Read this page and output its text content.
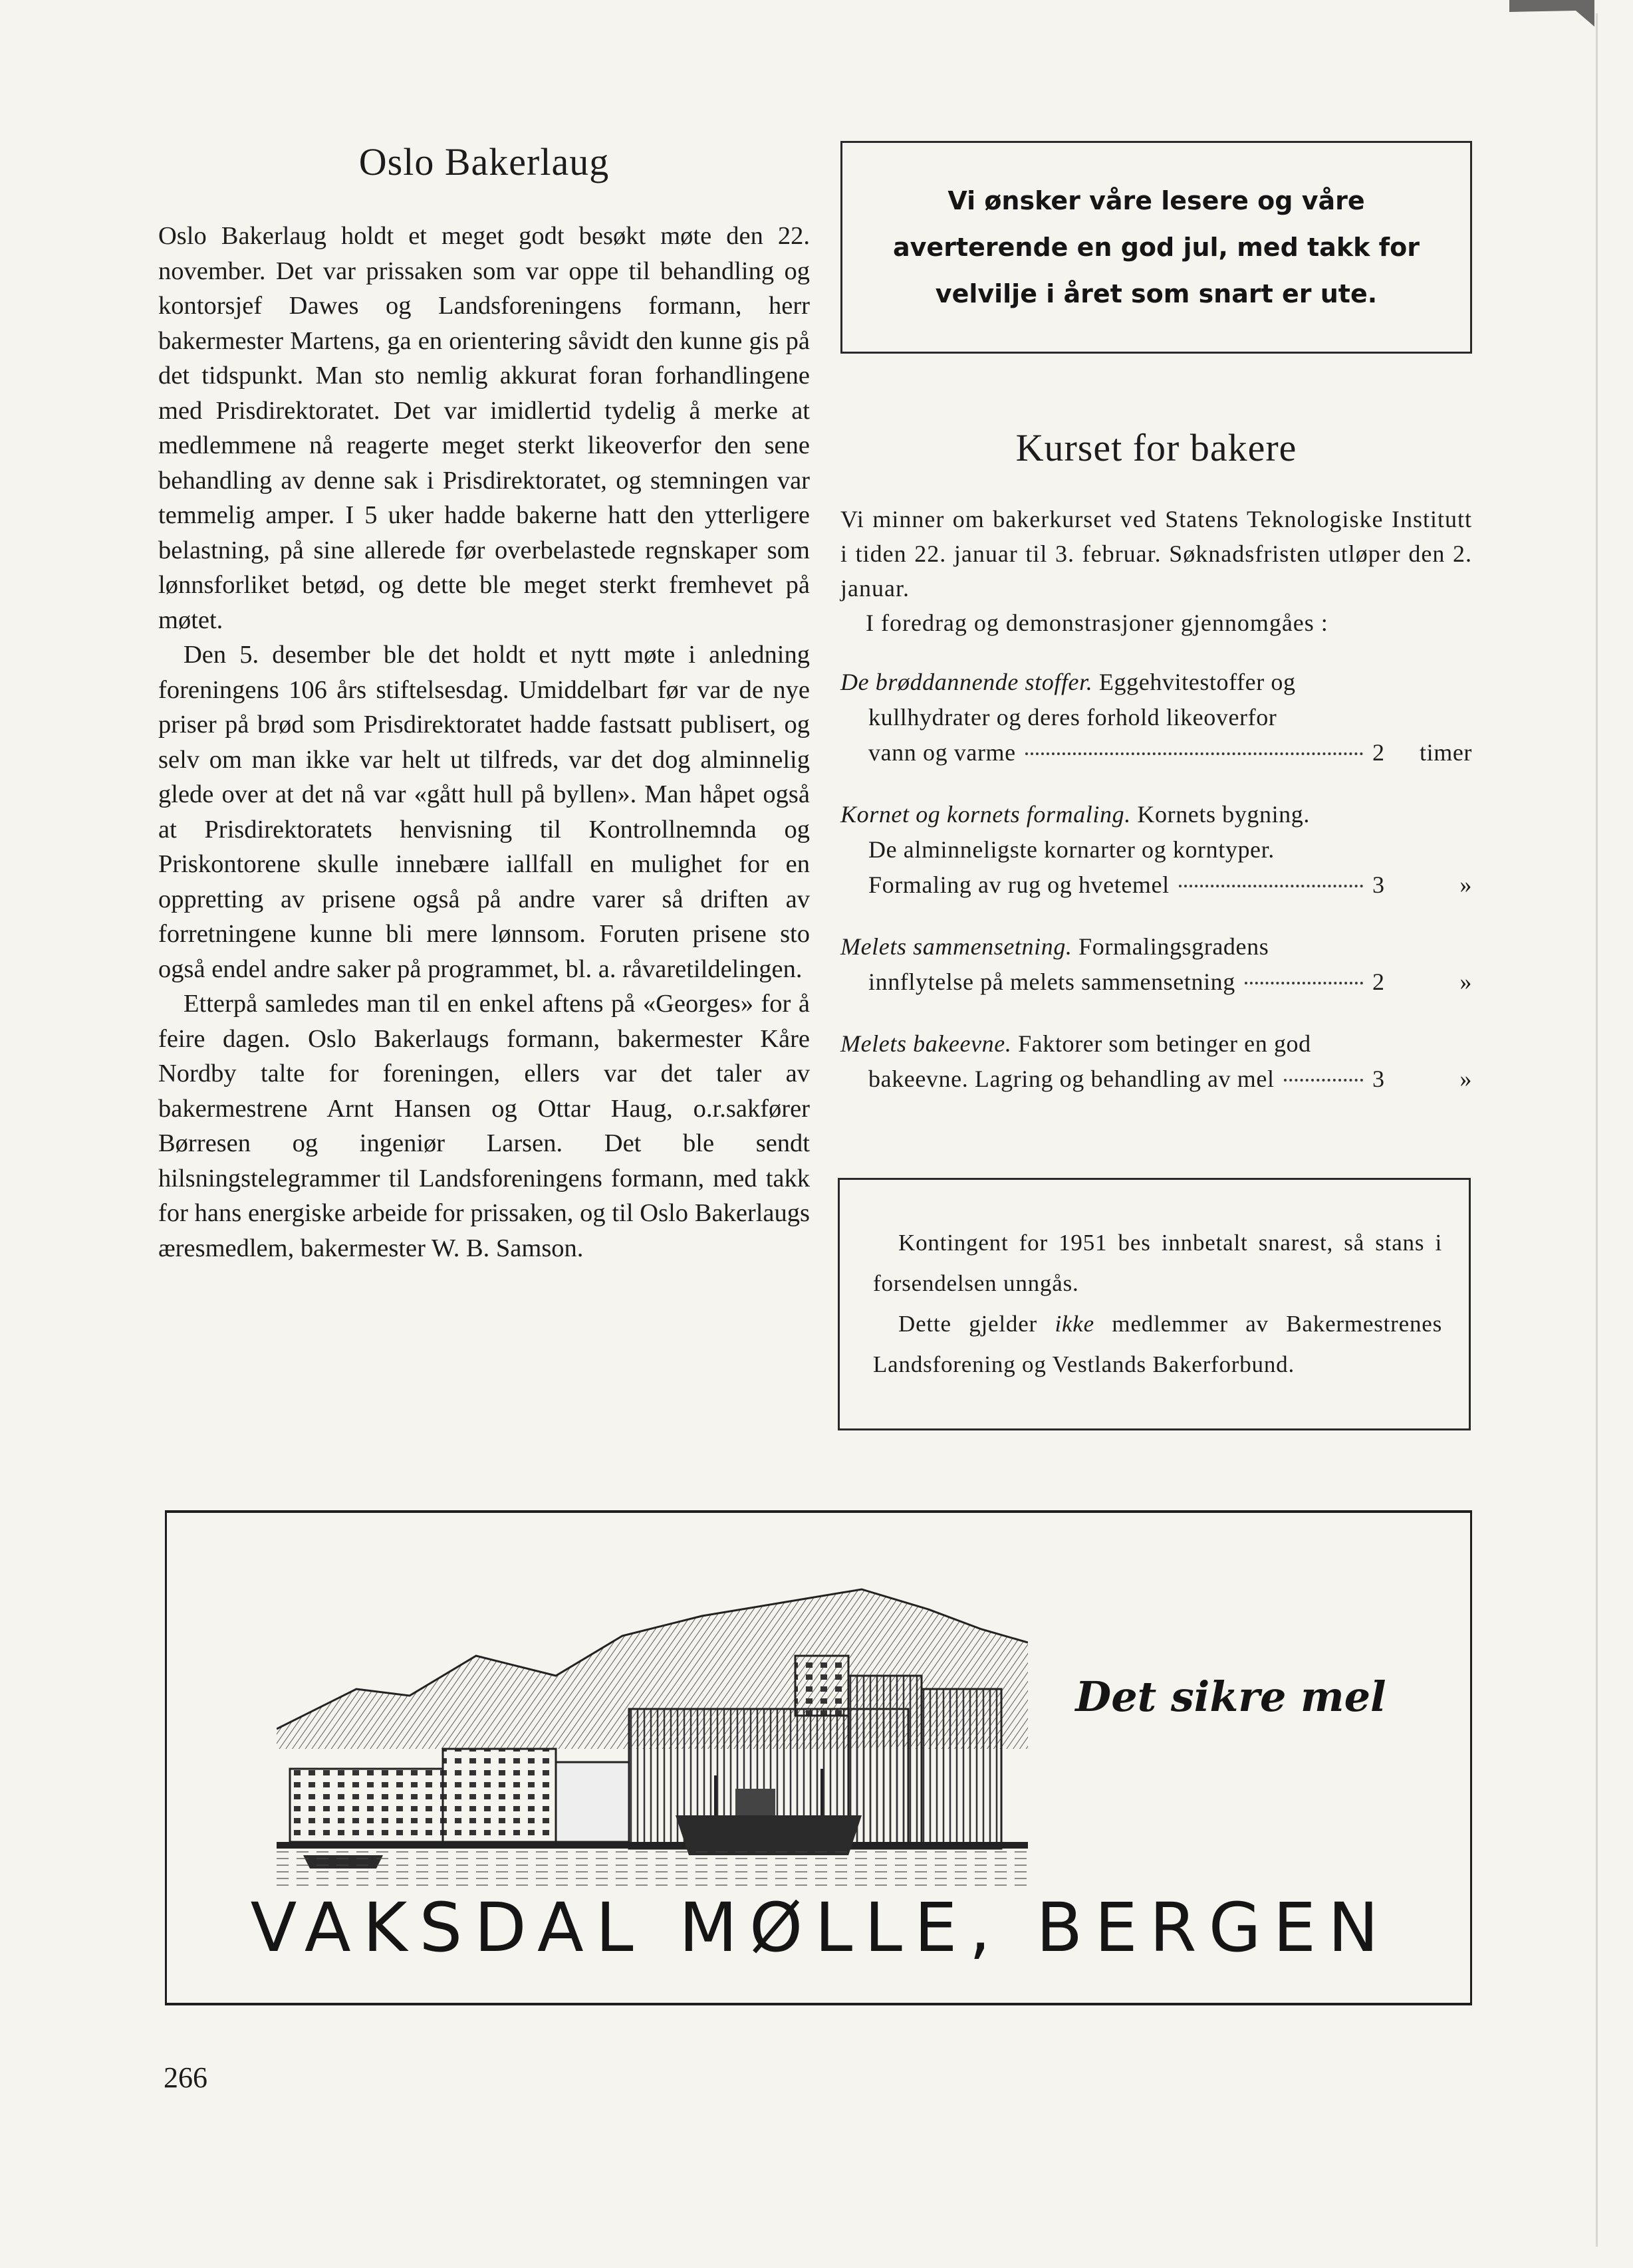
Oslo Bakerlaug

Oslo Bakerlaug holdt et meget godt besøkt møte den 22. november. Det var prissaken som var oppe til behandling og kontorsjef Dawes og Landsforeningens formann, herr bakermester Martens, ga en orientering såvidt den kunne gis på det tidspunkt. Man sto nemlig akkurat foran forhandlingene med Prisdirektoratet. Det var imidlertid tydelig å merke at medlemmene nå reagerte meget sterkt likeoverfor den sene behandling av denne sak i Prisdirektoratet, og stemningen var temmelig amper. I 5 uker hadde bakerne hatt den ytterligere belastning, på sine allerede før overbelastede regnskaper som lønnsforliket betød, og dette ble meget sterkt fremhevet på møtet.

Den 5. desember ble det holdt et nytt møte i anledning foreningens 106 års stiftelsesdag. Umiddelbart før var de nye priser på brød som Prisdirektoratet hadde fastsatt publisert, og selv om man ikke var helt ut tilfreds, var det dog alminnelig glede over at det nå var «gått hull på byllen». Man håpet også at Prisdirektoratets henvisning til Kontrollnemnda og Priskontorene skulle innebære iallfall en mulighet for en oppretting av prisene også på andre varer så driften av forretningene kunne bli mere lønnsom. Foruten prisene sto også endel andre saker på programmet, bl. a. råvaretildelingen.

Etterpå samledes man til en enkel aftens på «Georges» for å feire dagen. Oslo Bakerlaugs formann, bakermester Kåre Nordby talte for foreningen, ellers var det taler av bakermestrene Arnt Hansen og Ottar Haug, o.r.sakfører Børresen og ingeniør Larsen. Det ble sendt hilsningstelegrammer til Landsforeningens formann, med takk for hans energiske arbeide for prissaken, og til Oslo Bakerlaugs æresmedlem, bakermester W. B. Samson.

Vi ønsker våre lesere og våre averterende en god jul, med takk for velvilje i året som snart er ute.
Kurset for bakere

Vi minner om bakerkurset ved Statens Teknologiske Institutt i tiden 22. januar til 3. februar. Søknadsfristen utløper den 2. januar.

I foredrag og demonstrasjoner gjennomgåes :

De brøddannende stoffer. Eggehvitestoffer og
kullhydrater og deres forhold likeoverfor
vann og varme	2	timer
Kornet og kornets formaling. Kornets bygning.
De alminneligste kornarter og korntyper.
Formaling av rug og hvetemel	3	»
Melets sammensetning. Formalingsgradens
innflytelse på melets sammensetning	2	»
Melets bakeevne. Faktorer som betinger en god
bakeevne. Lagring og behandling av mel	3	»

Kontingent for 1951 bes innbetalt snarest, så stans i forsendelsen unngås.

Dette gjelder ikke medlemmer av Bakermestrenes Landsforening og Vestlands Bakerforbund.

Det sikre mel
VAKSDAL MØLLE, BERGEN
266
